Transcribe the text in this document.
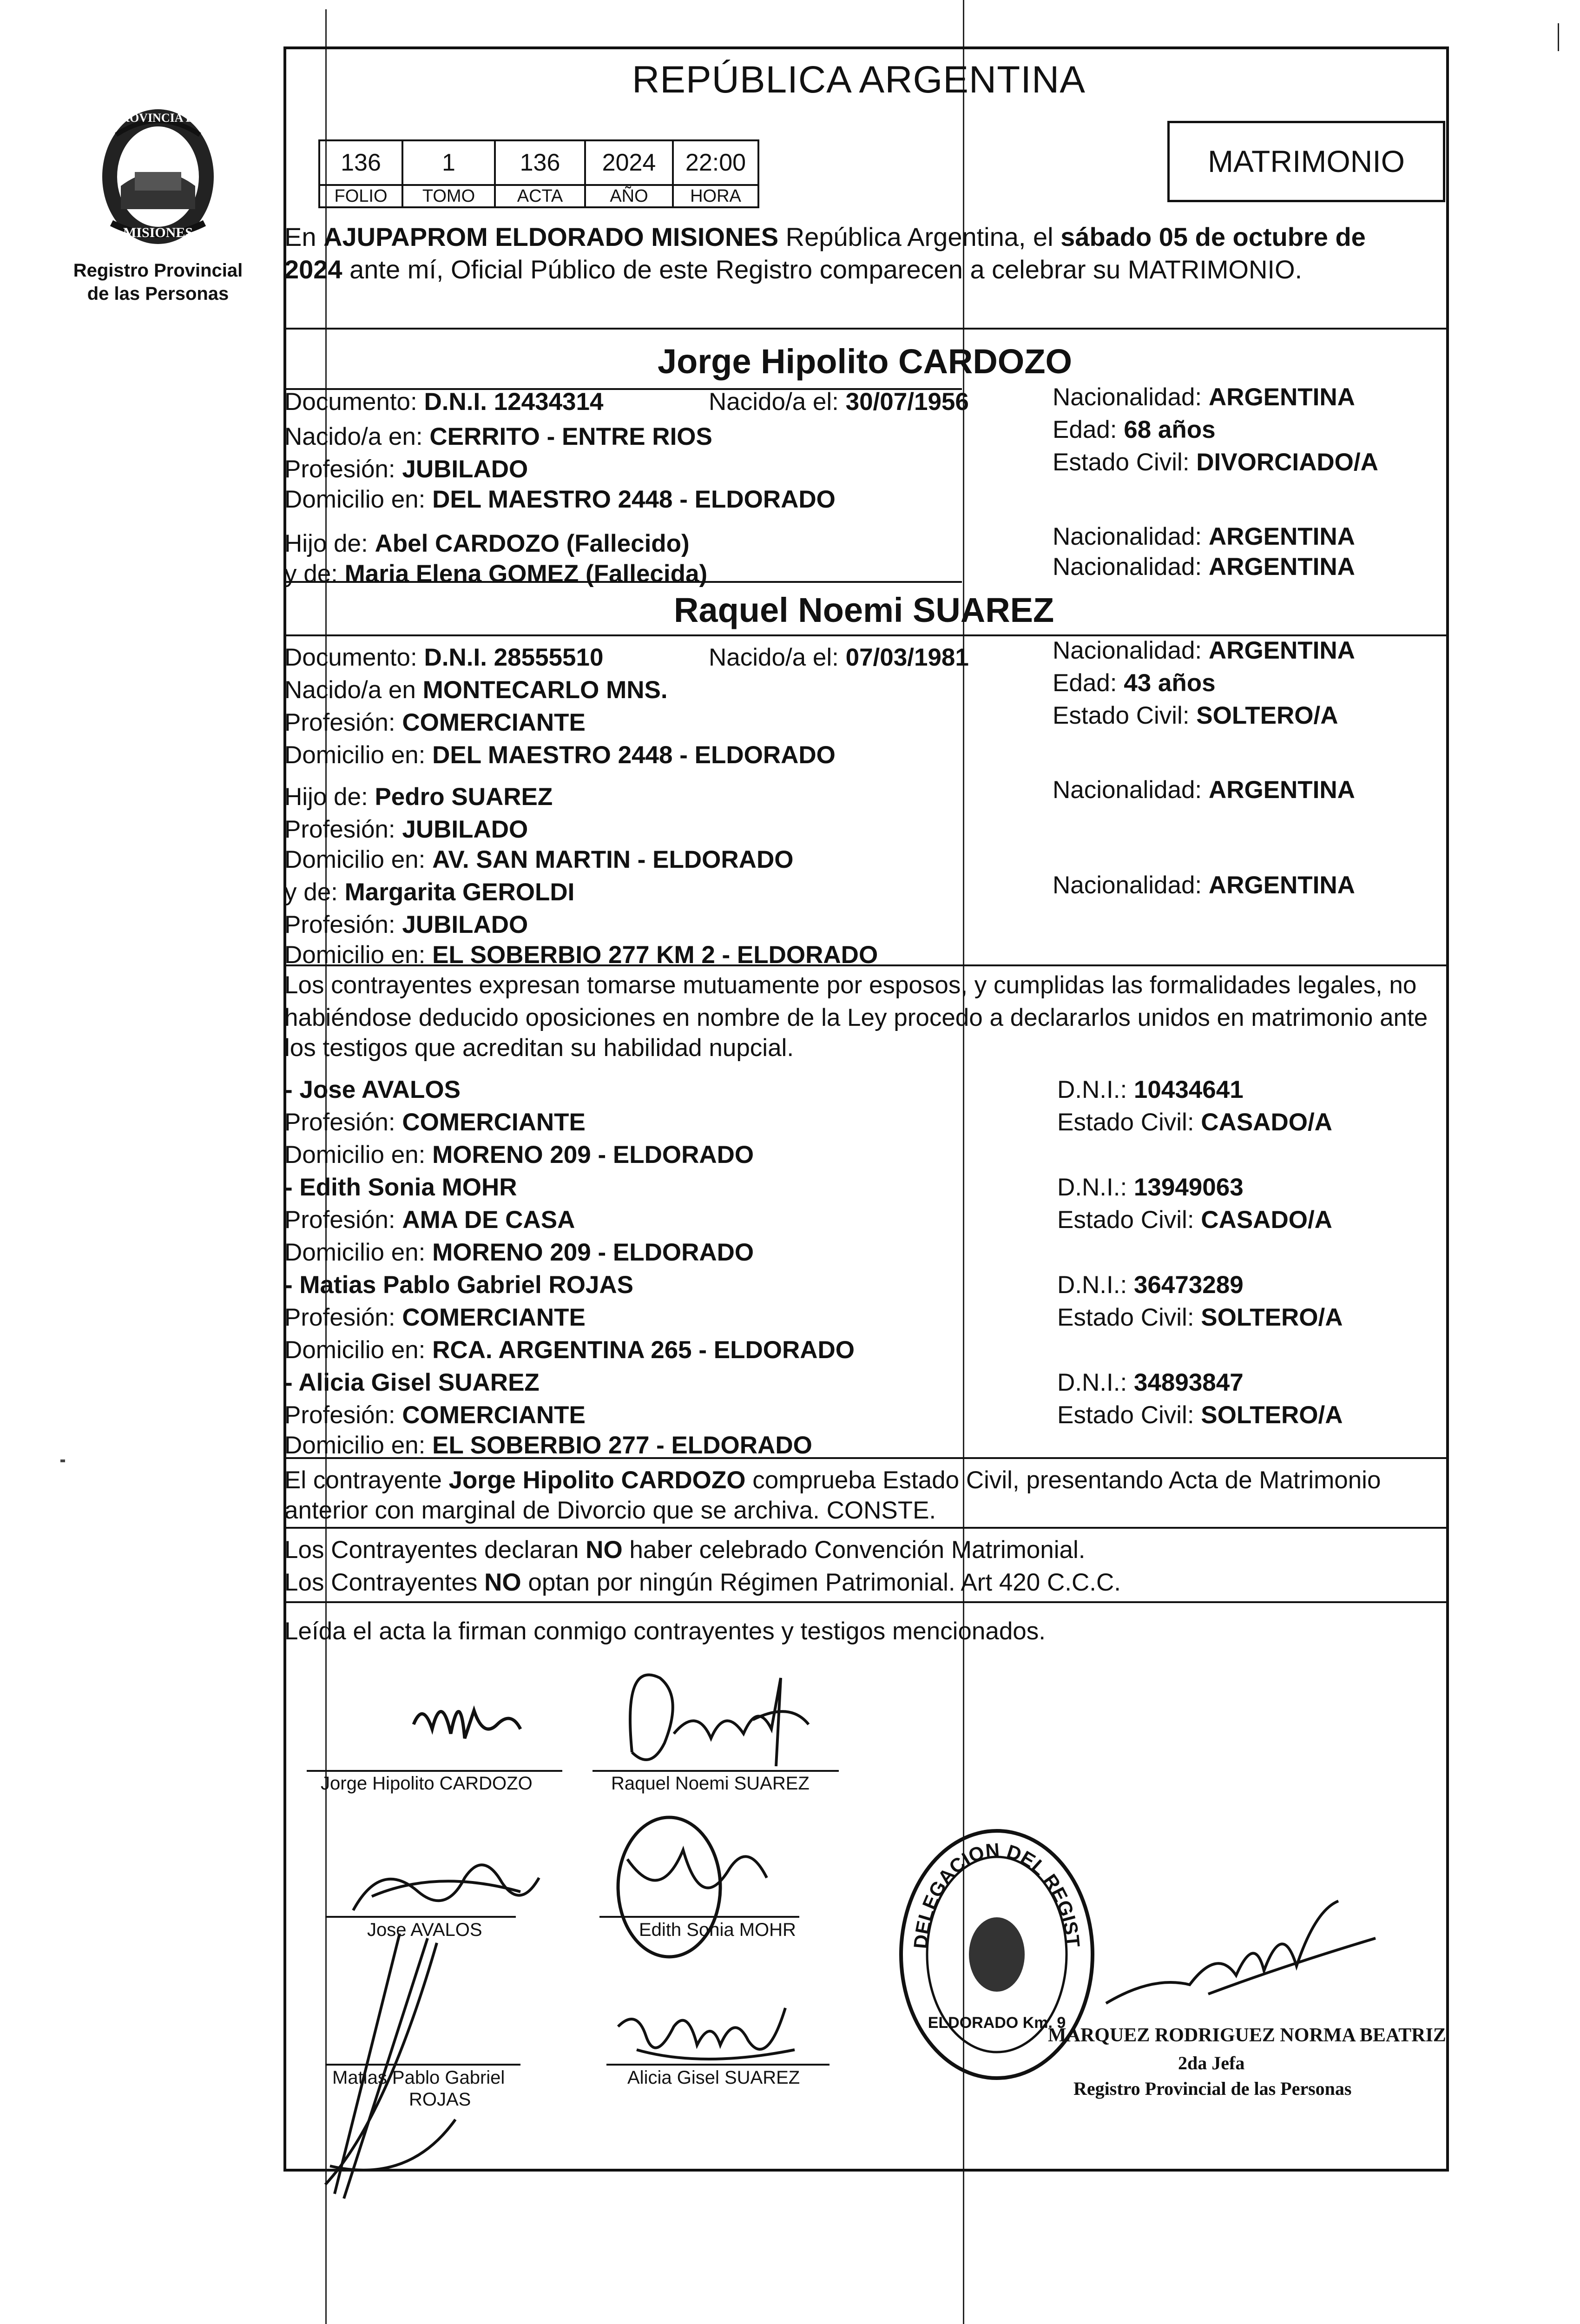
PROVINCIA DE
MISIONES
Registro Provincial
de las Personas
REPÚBLICA ARGENTINA
136	1	136	2024	22:00
FOLIO	TOMO	ACTA	AÑO	HORA
MATRIMONIO
En AJUPAPROM ELDORADO MISIONES República Argentina, el sábado 05 de octubre de
2024 ante mí, Oficial Público de este Registro comparecen a celebrar su MATRIMONIO.
Jorge Hipolito CARDOZO
Documento: D.N.I. 12434314	Nacido/a el: 30/07/1956	Nacionalidad: ARGENTINA
Nacido/a en: CERRITO - ENTRE RIOS	Edad: 68 años
Profesión: JUBILADO	Estado Civil: DIVORCIADO/A
Domicilio en: DEL MAESTRO 2448 - ELDORADO
Hijo de: Abel CARDOZO (Fallecido)	Nacionalidad: ARGENTINA
y de: Maria Elena GOMEZ (Fallecida)	Nacionalidad: ARGENTINA
Raquel Noemi SUAREZ
Documento: D.N.I. 28555510	Nacido/a el: 07/03/1981	Nacionalidad: ARGENTINA
Nacido/a en MONTECARLO MNS.	Edad: 43 años
Profesión: COMERCIANTE	Estado Civil: SOLTERO/A
Domicilio en: DEL MAESTRO 2448 - ELDORADO
Hijo de: Pedro SUAREZ	Nacionalidad: ARGENTINA
Profesión: JUBILADO
Domicilio en: AV. SAN MARTIN - ELDORADO
y de: Margarita GEROLDI	Nacionalidad: ARGENTINA
Profesión: JUBILADO
Domicilio en: EL SOBERBIO 277 KM 2 - ELDORADO
Los contrayentes expresan tomarse mutuamente por esposos, y cumplidas las formalidades legales, no
habiéndose deducido oposiciones en nombre de la Ley procedo a declararlos unidos en matrimonio ante
los testigos que acreditan su habilidad nupcial.
- Jose AVALOS	D.N.I.: 10434641
Profesión: COMERCIANTE	Estado Civil: CASADO/A
Domicilio en: MORENO 209 - ELDORADO
- Edith Sonia MOHR	D.N.I.: 13949063
Profesión: AMA DE CASA	Estado Civil: CASADO/A
Domicilio en: MORENO 209 - ELDORADO
- Matias Pablo Gabriel ROJAS	D.N.I.: 36473289
Profesión: COMERCIANTE	Estado Civil: SOLTERO/A
Domicilio en: RCA. ARGENTINA 265 - ELDORADO
- Alicia Gisel SUAREZ	D.N.I.: 34893847
Profesión: COMERCIANTE	Estado Civil: SOLTERO/A
Domicilio en: EL SOBERBIO 277 - ELDORADO
El contrayente Jorge Hipolito CARDOZO comprueba Estado Civil, presentando Acta de Matrimonio
anterior con marginal de Divorcio que se archiva. CONSTE.
Los Contrayentes declaran NO haber celebrado Convención Matrimonial.
Los Contrayentes NO optan por ningún Régimen Patrimonial. Art 420 C.C.C.
Leída el acta la firman conmigo contrayentes y testigos mencionados.
Jorge Hipolito CARDOZO	Raquel Noemi SUAREZ
Jose AVALOS	Edith Sonia MOHR
Matias Pablo Gabriel
ROJAS
Alicia Gisel SUAREZ
DELEGACION DEL REGIST
ELDORADO Km. 9
MARQUEZ RODRIGUEZ NORMA BEATRIZ
2da Jefa
Registro Provincial de las Personas
